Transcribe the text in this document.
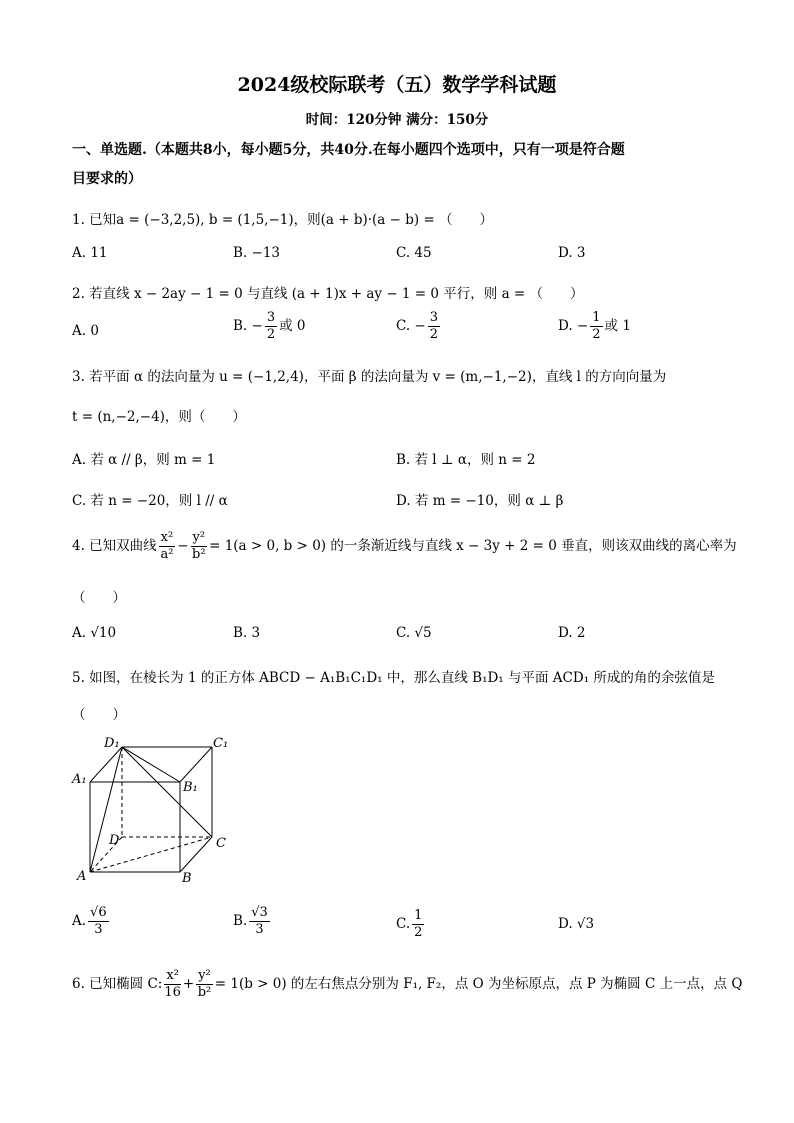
2024级校际联考（五）数学学科试题
时间：120分钟 满分：150分
一、单选题.（本题共8小，每小题5分，共40分.在每小题四个选项中，只有一项是符合题
目要求的）
1. 已知a = (−3,2,5), b = (1,5,−1)，则(a + b)·(a − b) = （　　）
A. 11	B. −13	C. 45	D. 3
2. 若直线 x − 2ay − 1 = 0 与直线 (a + 1)x + ay − 1 = 0 平行，则 a = （　　）
A. 0	B. − $\frac{3}{2}$ 或 0	C. − $\frac{3}{2}$	D. − $\frac{1}{2}$ 或 1
3. 若平面 α 的法向量为 u = (−1,2,4)，平面 β 的法向量为 v = (m,−1,−2)，直线 l 的方向向量为
t = (n,−2,−4)，则（　　）
A. 若 α // β，则 m = 1	B. 若 l ⊥ α，则 n = 2
C. 若 n = −20，则 l // α	D. 若 m = −10，则 α ⊥ β
4. 已知双曲线 $\frac{\text{x²}}{\text{a²}} - \frac{\text{y²}}{\text{b²}} = 1(a > 0$, b > 0) 的一条渐近线与直线 x − 3y + 2 = 0 垂直，则该双曲线的离心率为
（　　）
A. √10	B. 3	C. √5	D. 2
5. 如图，在棱长为 1 的正方体 ABCD − A₁B₁C₁D₁ 中，那么直线 B₁D₁ 与平面 ACD₁ 所成的角的余弦值是
（　　）
D₁	C₁
A₁
B₁
D	C
A	B
A. $\frac{√6}{3}$	B. $\frac{√3}{3}$	C. $\frac{1}{2}$	D. √3
6. 已知椭圆 C: $\frac{\text{x²}}{16} + \frac{\text{y²}}{\text{b²}} = 1(b > 0)$ 的左右焦点分别为 F₁, F₂，点 O 为坐标原点，点 P 为椭圆 C 上一点，点 Q
